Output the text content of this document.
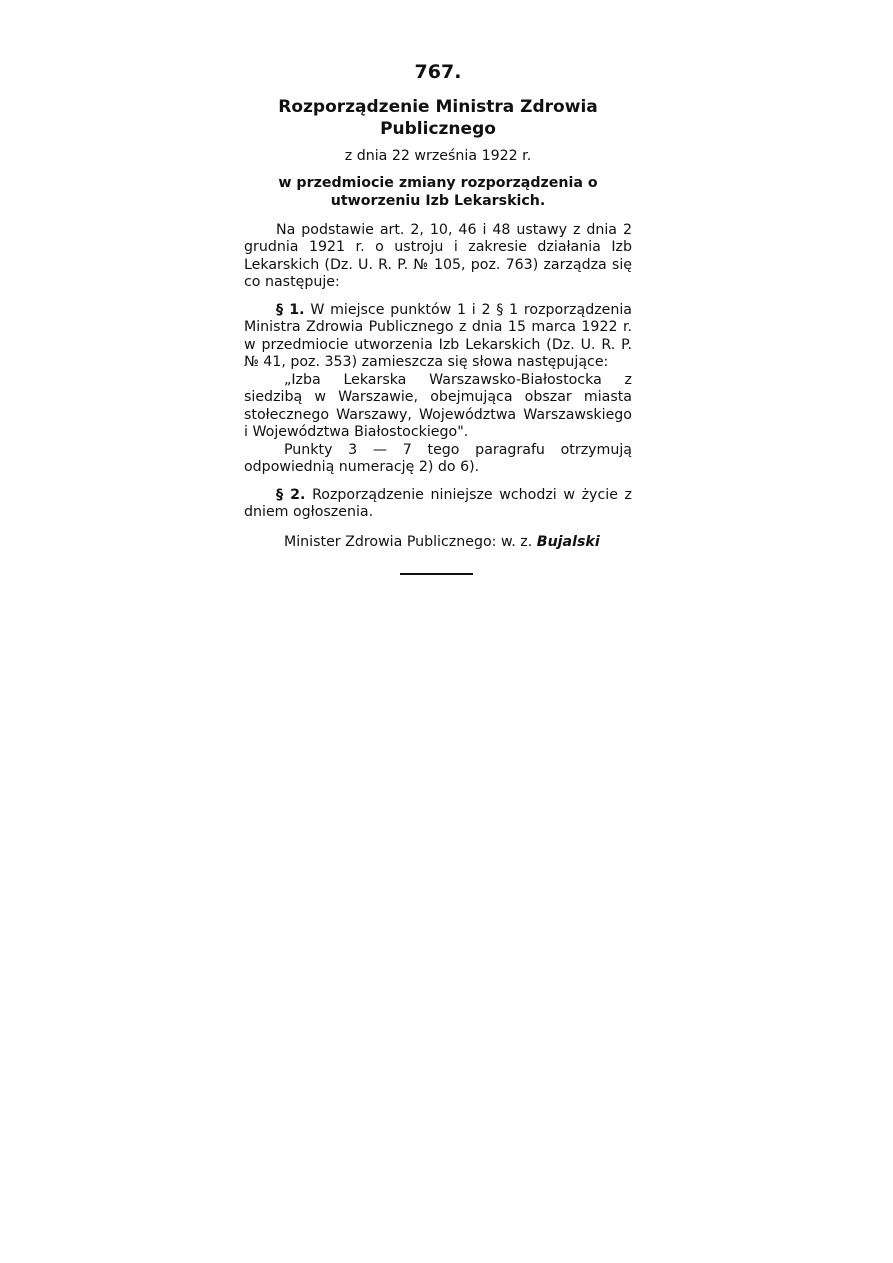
767.
Rozporządzenie Ministra Zdrowia Publicznego
z dnia 22 września 1922 r.
w przedmiocie zmiany rozporządzenia o utworzeniu Izb Lekarskich.

Na podstawie art. 2, 10, 46 i 48 ustawy z dnia 2 grudnia 1921 r. o ustroju i zakresie działania Izb Lekarskich (Dz. U. R. P. № 105, poz. 763) zarządza się co następuje:

§ 1. W miejsce punktów 1 i 2 § 1 rozporządzenia Ministra Zdrowia Publicznego z dnia 15 marca 1922 r. w przedmiocie utworzenia Izb Lekarskich (Dz. U. R. P. № 41, poz. 353) zamieszcza się słowa następujące:

„Izba Lekarska Warszawsko-Białostocka z siedzibą w Warszawie, obejmująca obszar miasta stołecznego Warszawy, Województwa Warszawskiego i Województwa Białostockiego".

Punkty 3 — 7 tego paragrafu otrzymują odpowiednią numerację 2) do 6).

§ 2. Rozporządzenie niniejsze wchodzi w życie z dniem ogłoszenia.

Minister Zdrowia Publicznego: w. z. Bujalski
